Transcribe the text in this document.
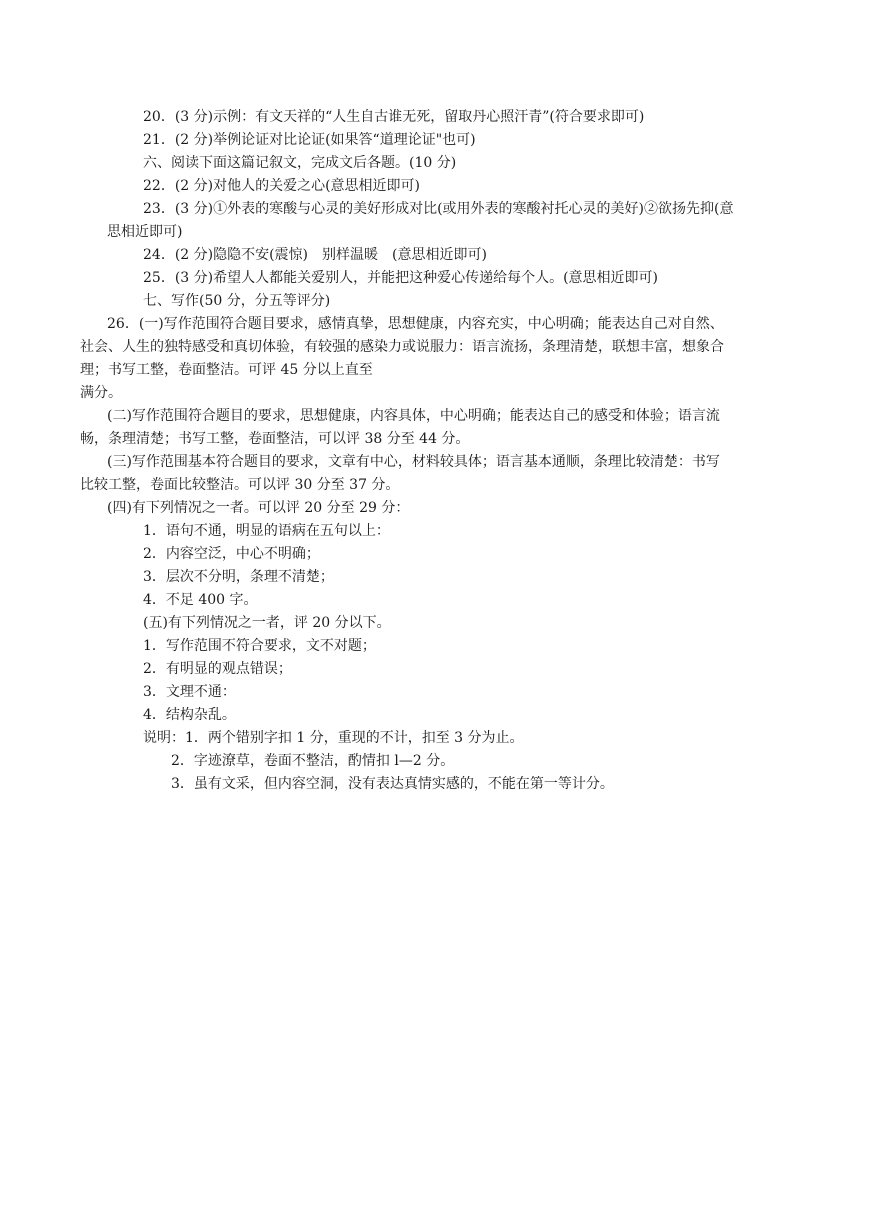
20．(3 分)示例：有文天祥的“人生自古谁无死，留取丹心照汗青”(符合要求即可)
21．(2 分)举例论证对比论证(如果答“道理论证"也可)
六、阅读下面这篇记叙文，完成文后各题。(10 分)
22．(2 分)对他人的关爱之心(意思相近即可)
23．(3 分)①外表的寒酸与心灵的美好形成对比(或用外表的寒酸衬托心灵的美好)②欲扬先抑(意
思相近即可)
24．(2 分)隐隐不安(震惊)　别样温暖　(意思相近即可)
25．(3 分)希望人人都能关爱别人，并能把这种爱心传递给每个人。(意思相近即可)
七、写作(50 分，分五等评分)
26．(一)写作范围符合题目要求，感情真挚，思想健康，内容充实，中心明确；能表达自己对自然、
社会、人生的独特感受和真切体验，有较强的感染力或说服力：语言流扬，条理清楚，联想丰富，想象合
理；书写工整，卷面整洁。可评 45 分以上直至
满分。
(二)写作范围符合题目的要求，思想健康，内容具体，中心明确；能表达自己的感受和体验；语言流
畅，条理清楚；书写工整，卷面整洁，可以评 38 分至 44 分。
(三)写作范围基本符合题目的要求，文章有中心，材料较具体；语言基本通顺，条理比较清楚：书写
比较工整，卷面比较整洁。可以评 30 分至 37 分。
(四)有下列情况之一者。可以评 20 分至 29 分：
1．语句不通，明显的语病在五句以上：
2．内容空泛，中心不明确；
3．层次不分明，条理不清楚；
4．不足 400 字。
(五)有下列情况之一者，评 20 分以下。
1．写作范围不符合要求，文不对题；
2．有明显的观点错误；
3．文理不通：
4．结构杂乱。
说明：1．两个错别字扣 1 分，重现的不计，扣至 3 分为止。
2．字迹潦草，卷面不整洁，酌情扣 l—2 分。
3．虽有文采，但内容空洞，没有表达真情实感的，不能在第一等计分。
